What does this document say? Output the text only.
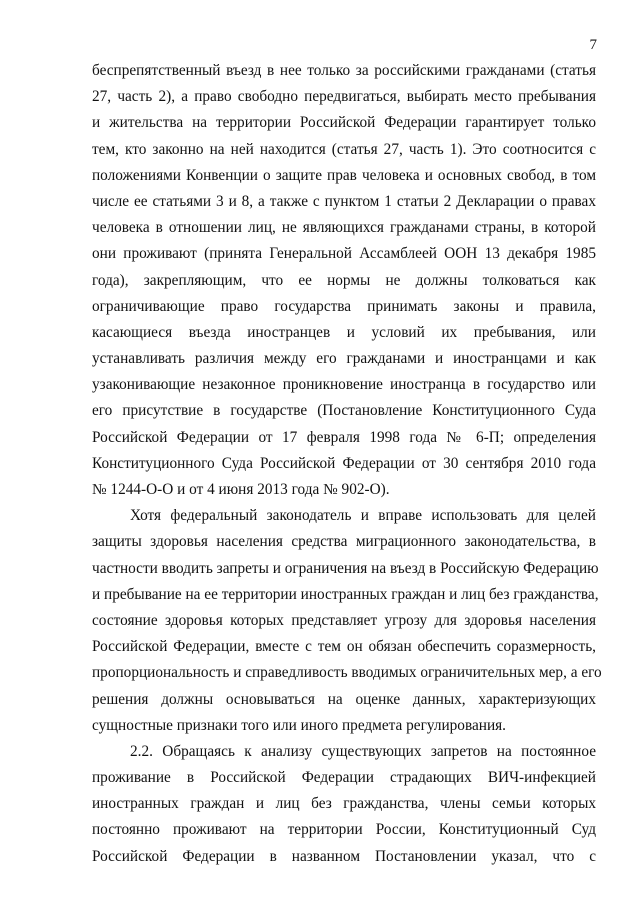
7
беспрепятственный въезд в нее только за российскими гражданами (статья
27, часть 2), а право свободно передвигаться, выбирать место пребывания
и жительства на территории Российской Федерации гарантирует только
тем, кто законно на ней находится (статья 27, часть 1). Это соотносится с
положениями Конвенции о защите прав человека и основных свобод, в том
числе ее статьями 3 и 8, а также с пунктом 1 статьи 2 Декларации о правах
человека в отношении лиц, не являющихся гражданами страны, в которой
они проживают (принята Генеральной Ассамблеей ООН 13 декабря 1985
года), закрепляющим, что ее нормы не должны толковаться как
ограничивающие право государства принимать законы и правила,
касающиеся въезда иностранцев и условий их пребывания, или
устанавливать различия между его гражданами и иностранцами и как
узаконивающие незаконное проникновение иностранца в государство или
его присутствие в государстве (Постановление Конституционного Суда
Российской Федерации от 17 февраля 1998 года № 6-П; определения
Конституционного Суда Российской Федерации от 30 сентября 2010 года
№ 1244-О-О и от 4 июня 2013 года № 902-О).
Хотя федеральный законодатель и вправе использовать для целей
защиты здоровья населения средства миграционного законодательства, в
частности вводить запреты и ограничения на въезд в Российскую Федерацию
и пребывание на ее территории иностранных граждан и лиц без гражданства,
состояние здоровья которых представляет угрозу для здоровья населения
Российской Федерации, вместе с тем он обязан обеспечить соразмерность,
пропорциональность и справедливость вводимых ограничительных мер, а его
решения должны основываться на оценке данных, характеризующих
сущностные признаки того или иного предмета регулирования.
2.2. Обращаясь к анализу существующих запретов на постоянное
проживание в Российской Федерации страдающих ВИЧ-инфекцией
иностранных граждан и лиц без гражданства, члены семьи которых
постоянно проживают на территории России, Конституционный Суд
Российской Федерации в названном Постановлении указал, что с
